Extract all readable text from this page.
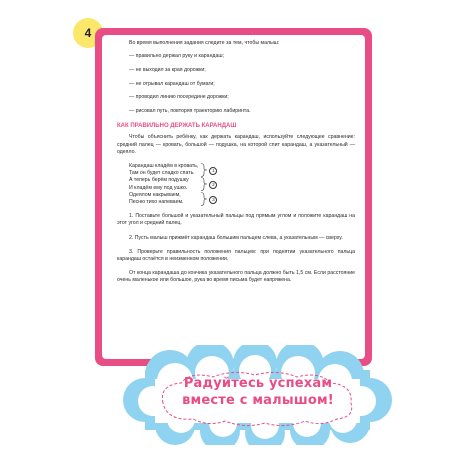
4

Во время выполнения задания следите за тем, чтобы малыш:

— правильно держал руку и карандаш;

— не выходил за края дорожки;

— не отрывал карандаш от бумаги;

— проводил линию посередине дорожки;

— рисовал путь, повторяя траекторию лабиринта.

КАК ПРАВИЛЬНО ДЕРЖАТЬ КАРАНДАШ

Чтобы объяснить ребёнку, как держать карандаш, используйте следующее сравнение: средний палец — кровать, большой — подушка, на которой спит карандаш, а указательный — одеяло.

Карандаш кладём в кровать,
Там он будет сладко спать.
А теперь берём подушку
И кладём ему под ушко.
Одеялом накрываем,
Песню тихо напеваем.
1
2
3

1. Поставьте большой и указательный пальцы под прямым углом и положите карандаш на этот угол и средний палец.

2. Пусть малыш прижмёт карандаш большим пальцем слева, а указательным — сверху.

3. Проверьте правильность положения пальцев: при поднятии указательного пальца карандаш остаётся в неизменном положении.

От конца карандаша до кончика указательного пальца должно быть 1,5 см. Если расстояние очень маленькое или большое, рука во время письма будет напряжена.

Радуйтесь успехам
вместе с малышом!
